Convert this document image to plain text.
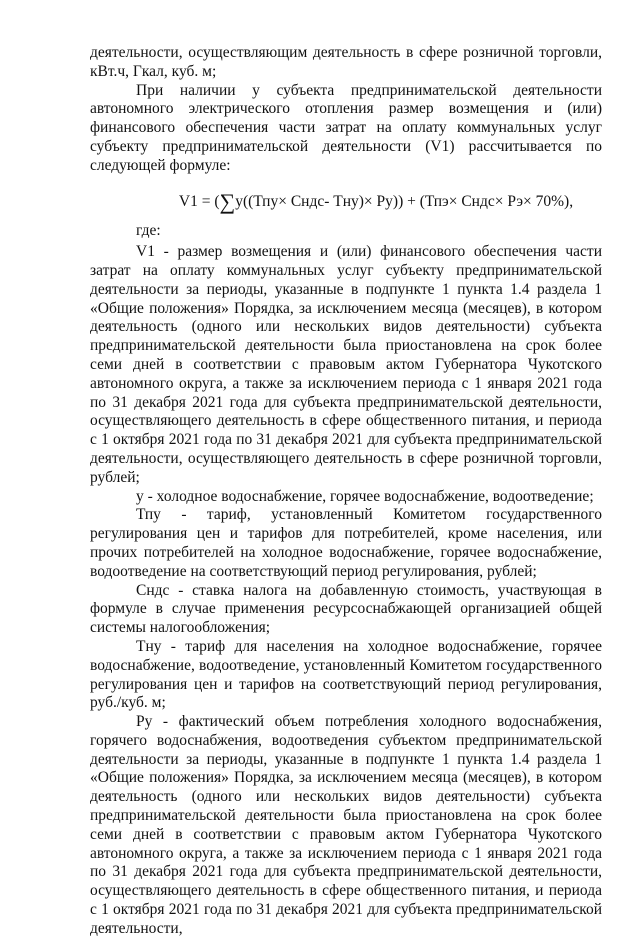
деятельности, осуществляющим деятельность в сфере розничной торговли, кВт.ч, Гкал, куб. м;

При наличии у субъекта предпринимательской деятельности автономного электрического отопления размер возмещения и (или) финансового обеспечения части затрат на оплату коммунальных услуг субъекту предпринимательской деятельности (V1) рассчитывается по следующей формуле:

V1 = (∑у((Тпу× Cндс- Тну)× Ру)) + (Тпэ× Cндс× Рэ× 70%),

где:

V1 - размер возмещения и (или) финансового обеспечения части затрат на оплату коммунальных услуг субъекту предпринимательской деятельности за периоды, указанные в подпункте 1 пункта 1.4 раздела 1 «Общие положения» Порядка, за исключением месяца (месяцев), в котором деятельность (одного или нескольких видов деятельности) субъекта предпринимательской деятельности была приостановлена на срок более семи дней в соответствии с правовым актом Губернатора Чукотского автономного округа, а также за исключением периода с 1 января 2021 года по 31 декабря 2021 года для субъекта предпринимательской деятельности, осуществляющего деятельность в сфере общественного питания, и периода с 1 октября 2021 года по 31 декабря 2021 для субъекта предпринимательской деятельности, осуществляющего деятельность в сфере розничной торговли, рублей;

у - холодное водоснабжение, горячее водоснабжение, водоотведение;

Тпу - тариф, установленный Комитетом государственного регулирования цен и тарифов для потребителей, кроме населения, или прочих потребителей на холодное водоснабжение, горячее водоснабжение, водоотведение на соответствующий период регулирования, рублей;

Cндс - ставка налога на добавленную стоимость, участвующая в формуле в случае применения ресурсоснабжающей организацией общей системы налогообложения;

Тну - тариф для населения на холодное водоснабжение, горячее водоснабжение, водоотведение, установленный Комитетом государственного регулирования цен и тарифов на соответствующий период регулирования, руб./куб. м;

Ру - фактический объем потребления холодного водоснабжения, горячего водоснабжения, водоотведения субъектом предпринимательской деятельности за периоды, указанные в подпункте 1 пункта 1.4 раздела 1 «Общие положения» Порядка, за исключением месяца (месяцев), в котором деятельность (одного или нескольких видов деятельности) субъекта предпринимательской деятельности была приостановлена на срок более семи дней в соответствии с правовым актом Губернатора Чукотского автономного округа, а также за исключением периода с 1 января 2021 года по 31 декабря 2021 года для субъекта предпринимательской деятельности, осуществляющего деятельность в сфере общественного питания, и периода с 1 октября 2021 года по 31 декабря 2021 для субъекта предпринимательской деятельности,
